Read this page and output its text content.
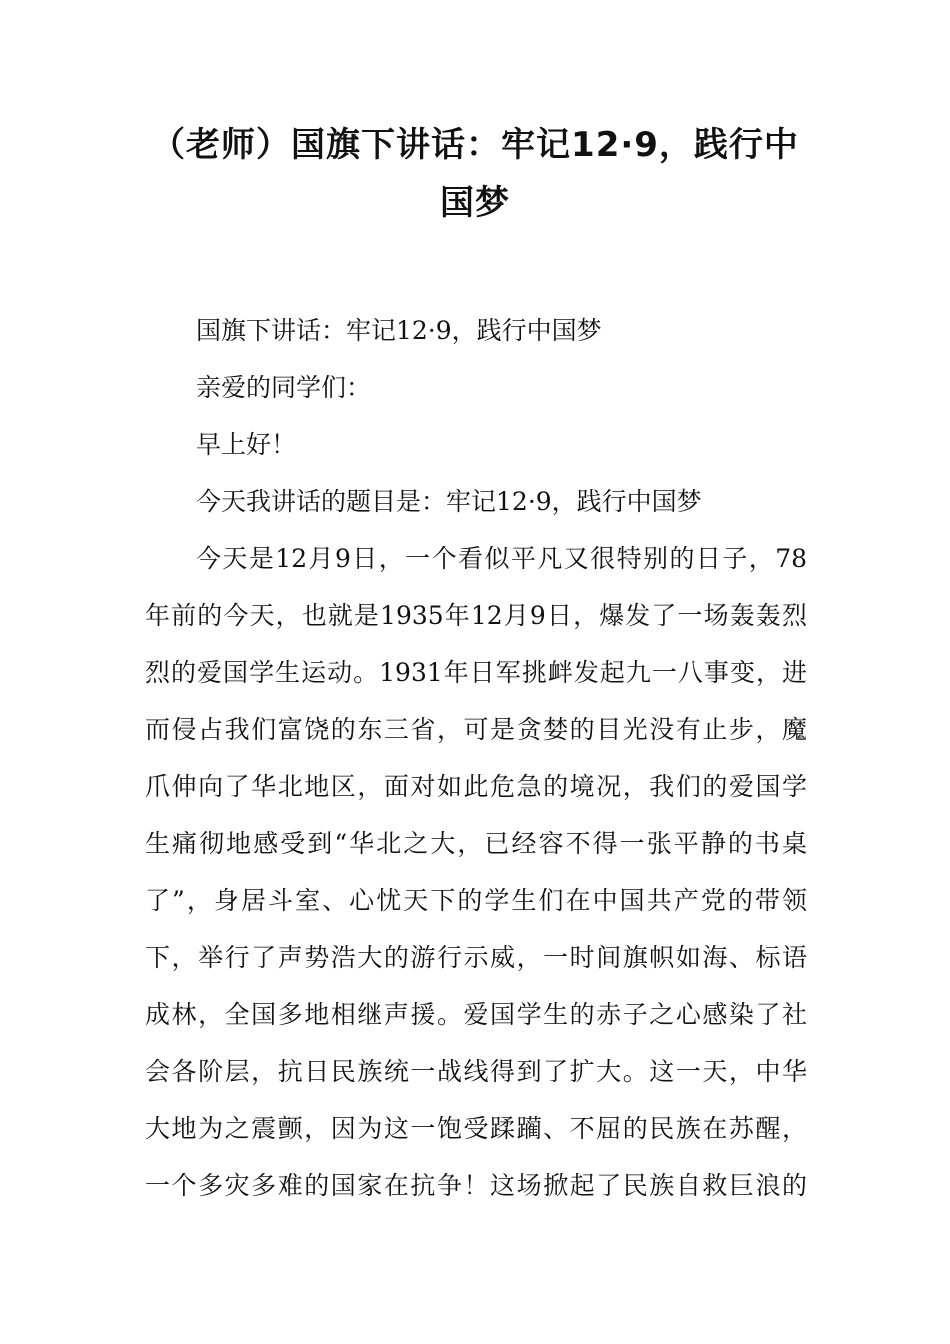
（老师）国旗下讲话：牢记12·9，践行中
国梦

国旗下讲话：牢记12·9，践行中国梦

亲爱的同学们：

早上好！

今天我讲话的题目是：牢记12·9，践行中国梦

今天是12月9日，一个看似平凡又很特别的日子，78
年前的今天，也就是1935年12月9日，爆发了一场轰轰烈
烈的爱国学生运动。1931年日军挑衅发起九一八事变，进
而侵占我们富饶的东三省，可是贪婪的目光没有止步，魔
爪伸向了华北地区，面对如此危急的境况，我们的爱国学
生痛彻地感受到“华北之大，已经容不得一张平静的书桌
了”，身居斗室、心忧天下的学生们在中国共产党的带领
下，举行了声势浩大的游行示威，一时间旗帜如海、标语
成林，全国多地相继声援。爱国学生的赤子之心感染了社
会各阶层，抗日民族统一战线得到了扩大。这一天，中华
大地为之震颤，因为这一饱受蹂躏、不屈的民族在苏醒，
一个多灾多难的国家在抗争！这场掀起了民族自救巨浪的
